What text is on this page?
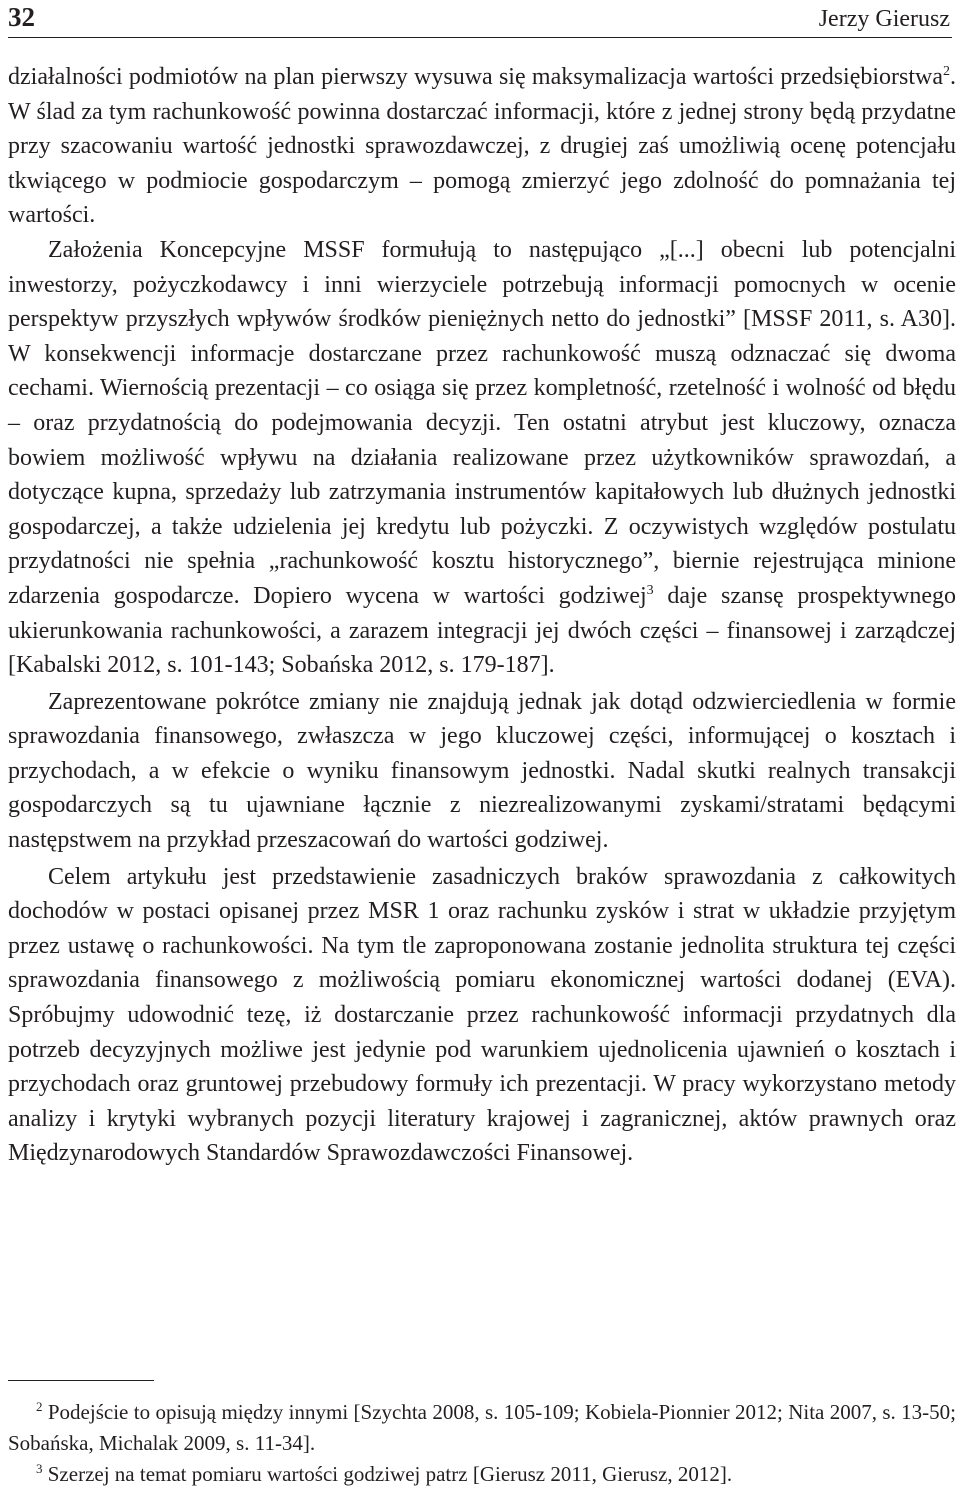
32	Jerzy Gierusz

działalności podmiotów na plan pierwszy wysuwa się maksymalizacja wartości przedsiębiorstwa$^2$. W ślad za tym rachunkowość powinna dostarczać informacji, które z jednej strony będą przydatne przy szacowaniu wartość jednostki sprawozdawczej, z drugiej zaś umożliwią ocenę potencjału tkwiącego w podmiocie gospodarczym – pomogą zmierzyć jego zdolność do pomnażania tej wartości.

Założenia Koncepcyjne MSSF formułują to następująco „[...] obecni lub potencjalni inwestorzy, pożyczkodawcy i inni wierzyciele potrzebują informacji pomocnych w ocenie perspektyw przyszłych wpływów środków pieniężnych netto do jednostki” [MSSF 2011, s. A30]. W konsekwencji informacje dostarczane przez rachunkowość muszą odznaczać się dwoma cechami. Wiernością prezentacji – co osiąga się przez kompletność, rzetelność i wolność od błędu – oraz przydatnością do podejmowania decyzji. Ten ostatni atrybut jest kluczowy, oznacza bowiem możliwość wpływu na działania realizowane przez użytkowników sprawozdań, a dotyczące kupna, sprzedaży lub zatrzymania instrumentów kapitałowych lub dłużnych jednostki gospodarczej, a także udzielenia jej kredytu lub pożyczki. Z oczywistych względów postulatu przydatności nie spełnia „rachunkowość kosztu historycznego”, biernie rejestrująca minione zdarzenia gospodarcze. Dopiero wycena w wartości godziwej$^3$ daje szansę prospektywnego ukierunkowania rachunkowości, a zarazem integracji jej dwóch części – finansowej i zarządczej [Kabalski 2012, s. 101-143; Sobańska 2012, s. 179-187].

Zaprezentowane pokrótce zmiany nie znajdują jednak jak dotąd odzwierciedlenia w formie sprawozdania finansowego, zwłaszcza w jego kluczowej części, informującej o kosztach i przychodach, a w efekcie o wyniku finansowym jednostki. Nadal skutki realnych transakcji gospodarczych są tu ujawniane łącznie z niezrealizowanymi zyskami/stratami będącymi następstwem na przykład przeszacowań do wartości godziwej.

Celem artykułu jest przedstawienie zasadniczych braków sprawozdania z całkowitych dochodów w postaci opisanej przez MSR 1 oraz rachunku zysków i strat w układzie przyjętym przez ustawę o rachunkowości. Na tym tle zaproponowana zostanie jednolita struktura tej części sprawozdania finansowego z możliwością pomiaru ekonomicznej wartości dodanej (EVA). Spróbujmy udowodnić tezę, iż dostarczanie przez rachunkowość informacji przydatnych dla potrzeb decyzyjnych możliwe jest jedynie pod warunkiem ujednolicenia ujawnień o kosztach i przychodach oraz gruntowej przebudowy formuły ich prezentacji. W pracy wykorzystano metody analizy i krytyki wybranych pozycji literatury krajowej i zagranicznej, aktów prawnych oraz Międzynarodowych Standardów Sprawozdawczości Finansowej.

$^2$ Podejście to opisują między innymi [Szychta 2008, s. 105-109; Kobiela-Pionnier 2012; Nita 2007, s. 13-50; Sobańska, Michalak 2009, s. 11-34].

$^3$ Szerzej na temat pomiaru wartości godziwej patrz [Gierusz 2011, Gierusz, 2012].
